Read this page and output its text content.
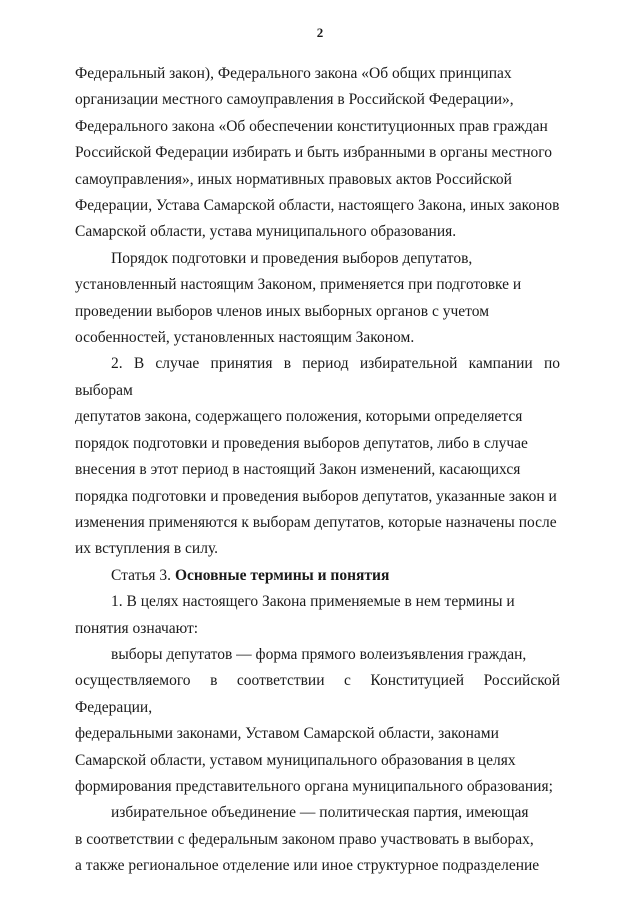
2

Федеральный закон), Федерального закона «Об общих принципах
организации местного самоуправления в Российской Федерации»,
Федерального закона «Об обеспечении конституционных прав граждан
Российской Федерации избирать и быть избранными в органы местного
самоуправления», иных нормативных правовых актов Российской
Федерации, Устава Самарской области, настоящего Закона, иных законов
Самарской области, устава муниципального образования.

Порядок подготовки и проведения выборов депутатов,
установленный настоящим Законом, применяется при подготовке и
проведении выборов членов иных выборных органов с учетом
особенностей, установленных настоящим Законом.

2. В случае принятия в период избирательной кампании по выборам
депутатов закона, содержащего положения, которыми определяется
порядок подготовки и проведения выборов депутатов, либо в случае
внесения в этот период в настоящий Закон изменений, касающихся
порядка подготовки и проведения выборов депутатов, указанные закон и
изменения применяются к выборам депутатов, которые назначены после
их вступления в силу.

Статья 3. Основные термины и понятия

1. В целях настоящего Закона применяемые в нем термины и
понятия означают:

выборы депутатов — форма прямого волеизъявления граждан,
осуществляемого в соответствии с Конституцией Российской Федерации,
федеральными законами, Уставом Самарской области, законами
Самарской области, уставом муниципального образования в целях
формирования представительного органа муниципального образования;

избирательное объединение — политическая партия, имеющая
в соответствии с федеральным законом право участвовать в выборах,
а также региональное отделение или иное структурное подразделение
